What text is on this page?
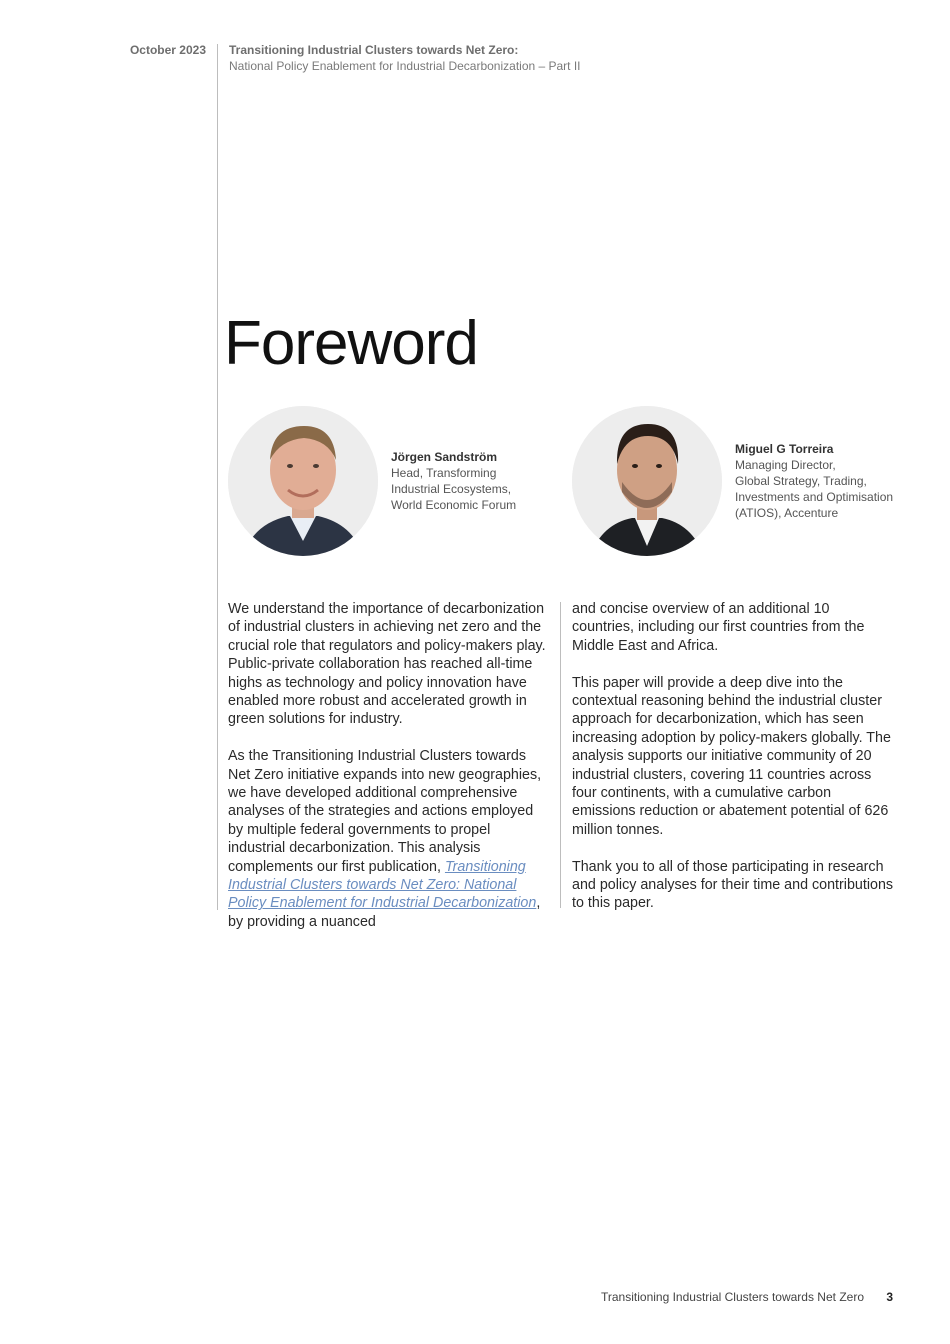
October 2023 Transitioning Industrial Clusters towards Net Zero:
National Policy Enablement for Industrial Decarbonization – Part II
Foreword
Jörgen Sandström
Head, Transforming
Industrial Ecosystems,
World Economic Forum
Miguel G Torreira
Managing Director,
Global Strategy, Trading,
Investments and Optimisation
(ATIOS), Accenture

We understand the importance of decarbonization of industrial clusters in achieving net zero and the crucial role that regulators and policy-makers play. Public-private collaboration has reached all-time highs as technology and policy innovation have enabled more robust and accelerated growth in green solutions for industry.

As the Transitioning Industrial Clusters towards Net Zero initiative expands into new geographies, we have developed additional comprehensive analyses of the strategies and actions employed by multiple federal governments to propel industrial decarbonization. This analysis complements our first publication, Transitioning Industrial Clusters towards Net Zero: National Policy Enablement for Industrial Decarbonization, by providing a nuanced

and concise overview of an additional 10 countries, including our first countries from the Middle East and Africa.

This paper will provide a deep dive into the contextual reasoning behind the industrial cluster approach for decarbonization, which has seen increasing adoption by policy-makers globally. The analysis supports our initiative community of 20 industrial clusters, covering 11 countries across four continents, with a cumulative carbon emissions reduction or abatement potential of 626 million tonnes.

Thank you to all of those participating in research and policy analyses for their time and contributions to this paper.

Transitioning Industrial Clusters towards Net Zero 3
